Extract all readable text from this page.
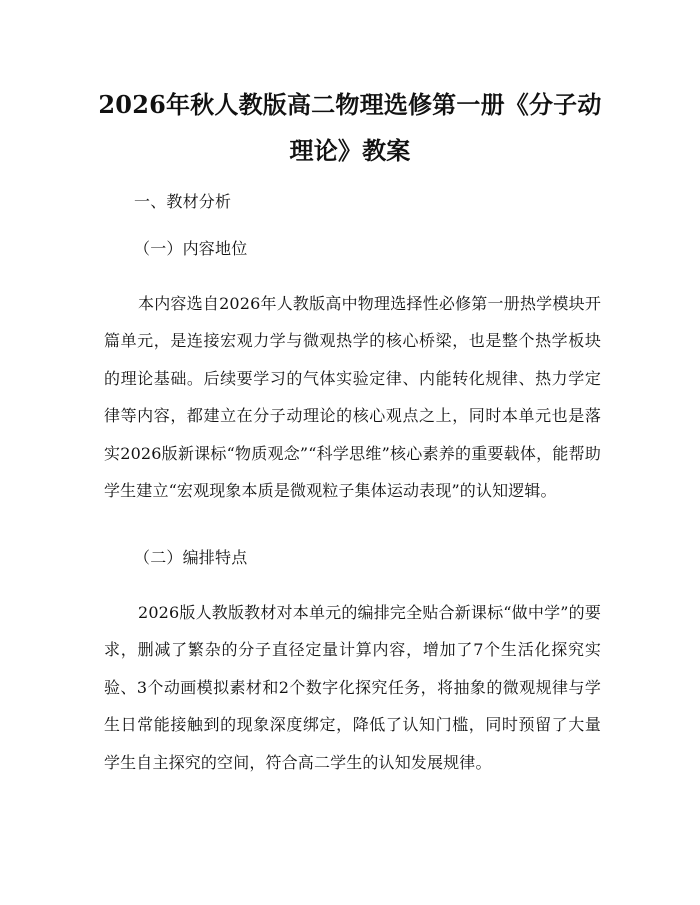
2026年秋人教版高二物理选修第一册《分子动理论》教案
一、教材分析
（一）内容地位

本内容选自2026年人教版高中物理选择性必修第一册热学模块开篇单元，是连接宏观力学与微观热学的核心桥梁，也是整个热学板块的理论基础。后续要学习的气体实验定律、内能转化规律、热力学定律等内容，都建立在分子动理论的核心观点之上，同时本单元也是落实2026版新课标“物质观念”“科学思维”核心素养的重要载体，能帮助学生建立“宏观现象本质是微观粒子集体运动表现”的认知逻辑。

（二）编排特点

2026版人教版教材对本单元的编排完全贴合新课标“做中学”的要求，删减了繁杂的分子直径定量计算内容，增加了7个生活化探究实验、3个动画模拟素材和2个数字化探究任务，将抽象的微观规律与学生日常能接触到的现象深度绑定，降低了认知门槛，同时预留了大量学生自主探究的空间，符合高二学生的认知发展规律。
